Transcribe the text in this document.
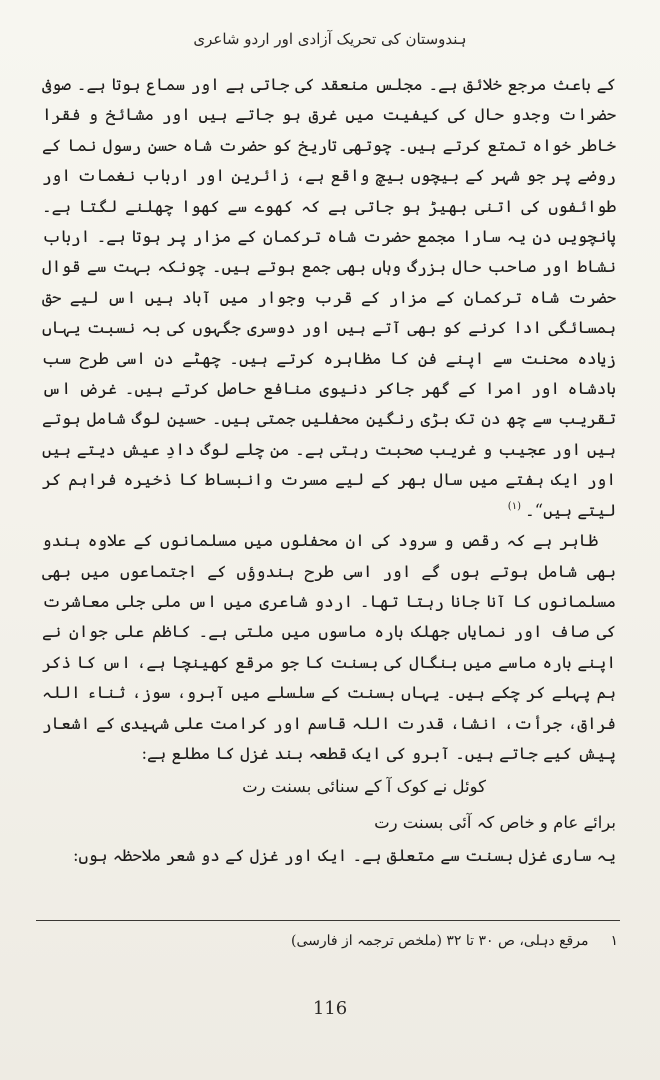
ہندوستان کی تحریک آزادی اور اردو شاعری

کے باعث مرجع خلائق ہے۔ مجلس منعقد کی جاتی ہے اور سماع ہوتا ہے۔ صوفی حضرات وجدو حال کی کیفیت میں غرق ہو جاتے ہیں اور مشائخ و فقرا خاطر خواہ تمتع کرتے ہیں۔ چوتھی تاریخ کو حضرت شاہ حسن رسول نما کے روضے پر جو شہر کے بیچوں بیچ واقع ہے، زائرین اور ارباب نغمات اور طوائفوں کی اتنی بھیڑ ہو جاتی ہے کہ کھوے سے کھوا چھلنے لگتا ہے۔ پانچویں دن یہ سارا مجمع حضرت شاہ ترکمان کے مزار پر ہوتا ہے۔ ارباب نشاط اور صاحب حال بزرگ وہاں بھی جمع ہوتے ہیں۔ چونکہ بہت سے قوال حضرت شاہ ترکمان کے مزار کے قرب وجوار میں آباد ہیں اس لیے حق ہمسائگی ادا کرنے کو بھی آتے ہیں اور دوسری جگہوں کی بہ نسبت یہاں زیادہ محنت سے اپنے فن کا مظاہرہ کرتے ہیں۔ چھٹے دن اسی طرح سب بادشاہ اور امرا کے گھر جاکر دنیوی منافع حاصل کرتے ہیں۔ غرض اس تقریب سے چھ دن تک بڑی رنگین محفلیں جمتی ہیں۔ حسین لوگ شامل ہوتے ہیں اور عجیب و غریب صحبت رہتی ہے۔ من چلے لوگ دادِ عیش دیتے ہیں اور ایک ہفتے میں سال بھر کے لیے مسرت وانبساط کا ذخیرہ فراہم کر لیتے ہیں“۔$^{(۱)}$

ظاہر ہے کہ رقص و سرود کی ان محفلوں میں مسلمانوں کے علاوہ ہندو بھی شامل ہوتے ہوں گے اور اسی طرح ہندوؤں کے اجتماعوں میں بھی مسلمانوں کا آنا جانا رہتا تھا۔ اردو شاعری میں اس ملی جلی معاشرت کی صاف اور نمایاں جھلک بارہ ماسوں میں ملتی ہے۔ کاظم علی جوان نے اپنے بارہ ماسے میں بنگال کی بسنت کا جو مرقع کھینچا ہے، اس کا ذکر ہم پہلے کر چکے ہیں۔ یہاں بسنت کے سلسلے میں آبرو، سوز، ثناء اللہ فراق، جرأت، انشا، قدرت اللہ قاسم اور کرامت علی شہیدی کے اشعار پیش کیے جاتے ہیں۔ آبرو کی ایک قطعہ بند غزل کا مطلع ہے:

کوئل نے کوک آ کے سنائی بسنت رت

برائے عام و خاص کہ آئی بسنت رت

یہ ساری غزل بسنت سے متعلق ہے۔ ایک اور غزل کے دو شعر ملاحظہ ہوں:

۱
مرقع دہلی، ص ۳۰ تا ۳۲ (ملخص ترجمہ از فارسی)
116
